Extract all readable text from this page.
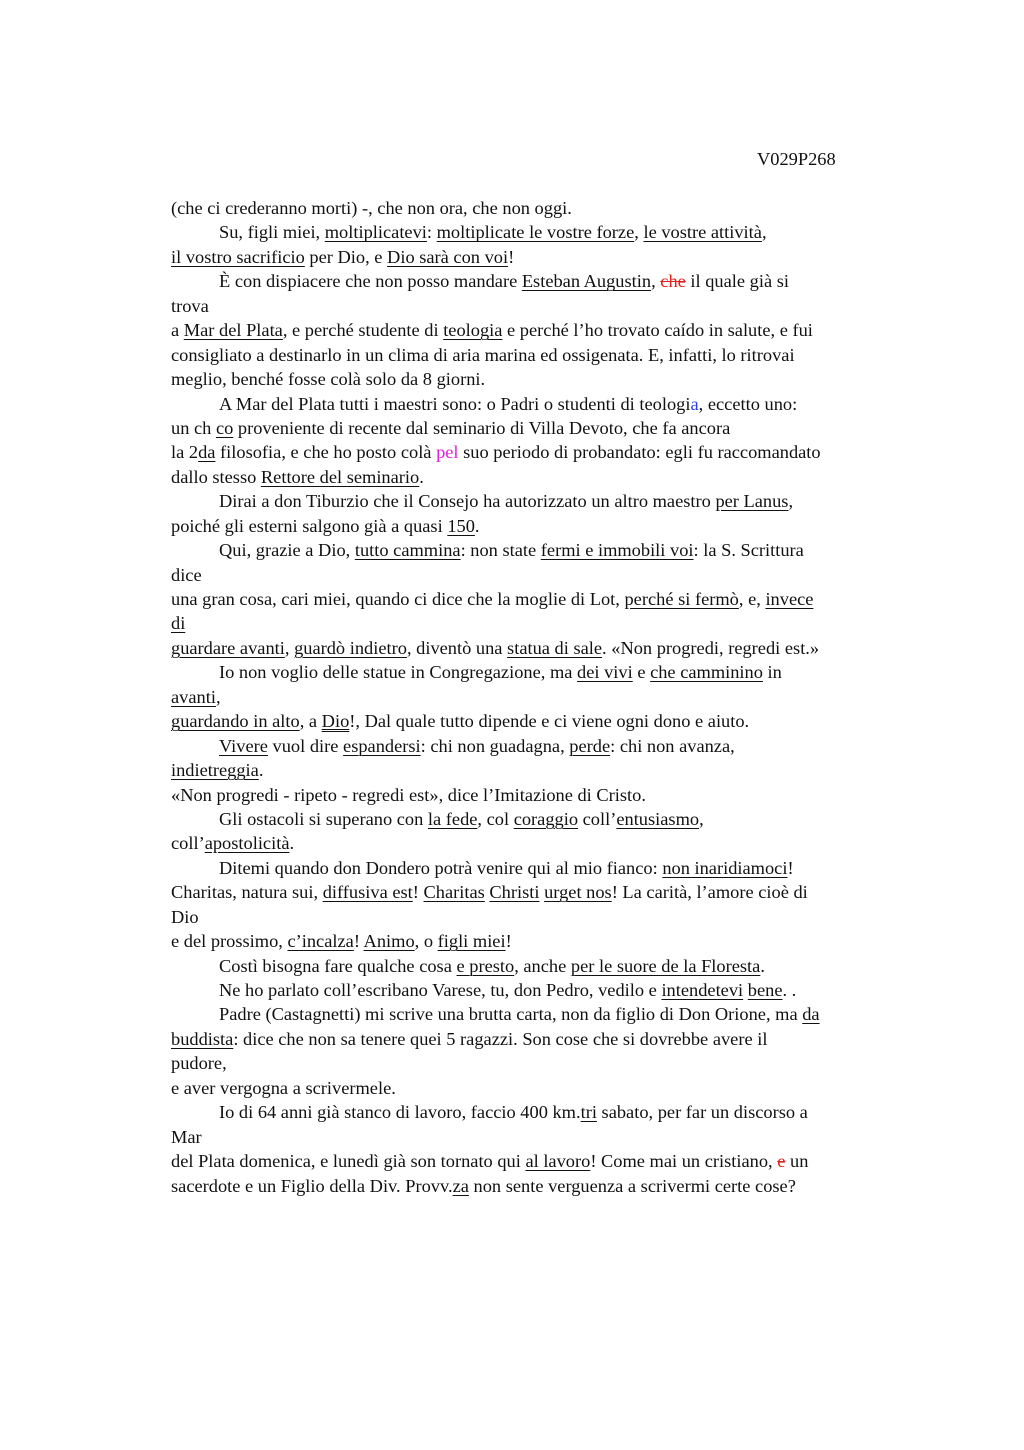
V029P268
(che ci crederanno morti) -, che non ora, che non oggi.
Su, figli miei, moltiplicatevi: moltiplicate le vostre forze, le vostre attività,
il vostro sacrificio per Dio, e Dio sarà con voi!
È con dispiacere che non posso mandare Esteban Augustin, che il quale già si
trova
a Mar del Plata, e perché studente di teologia e perché l’ho trovato caído in salute, e fui
consigliato a destinarlo in un clima di aria marina ed ossigenata. E, infatti, lo ritrovai
meglio, benché fosse colà solo da 8 giorni.
A Mar del Plata tutti i maestri sono: o Padri o studenti di teologia, eccetto uno:
un ch co proveniente di recente dal seminario di Villa Devoto, che fa ancora
la 2da filosofia, e che ho posto colà pel suo periodo di probandato: egli fu raccomandato
dallo stesso Rettore del seminario.
Dirai a don Tiburzio che il Consejo ha autorizzato un altro maestro per Lanus,
poiché gli esterni salgono già a quasi 150.
Qui, grazie a Dio, tutto cammina: non state fermi e immobili voi: la S. Scrittura
dice
una gran cosa, cari miei, quando ci dice che la moglie di Lot, perché si fermò, e, invece
di
guardare avanti, guardò indietro, diventò una statua di sale. «Non progredi, regredi est.»
Io non voglio delle statue in Congregazione, ma dei vivi e che camminino in
avanti,
guardando in alto, a Dio!, Dal quale tutto dipende e ci viene ogni dono e aiuto.
Vivere vuol dire espandersi: chi non guadagna, perde: chi non avanza,
indietreggia.
«Non progredi - ripeto - regredi est», dice l’Imitazione di Cristo.
Gli ostacoli si superano con la fede, col coraggio coll’entusiasmo,
coll’apostolicità.
Ditemi quando don Dondero potrà venire qui al mio fianco: non inaridiamoci!
Charitas, natura sui, diffusiva est! Charitas Christi urget nos! La carità, l’amore cioè di
Dio
e del prossimo, c’incalza! Animo, o figli miei!
Costì bisogna fare qualche cosa e presto, anche per le suore de la Floresta.
Ne ho parlato coll’escribano Varese, tu, don Pedro, vedilo e intendetevi bene. .
Padre (Castagnetti) mi scrive una brutta carta, non da figlio di Don Orione, ma da
buddista: dice che non sa tenere quei 5 ragazzi. Son cose che si dovrebbe avere il
pudore,
e aver vergogna a scrivermele.
Io di 64 anni già stanco di lavoro, faccio 400 km.tri sabato, per far un discorso a
Mar
del Plata domenica, e lunedì già son tornato qui al lavoro! Come mai un cristiano, e un
sacerdote e un Figlio della Div. Provv.za non sente verguenza a scrivermi certe cose?
